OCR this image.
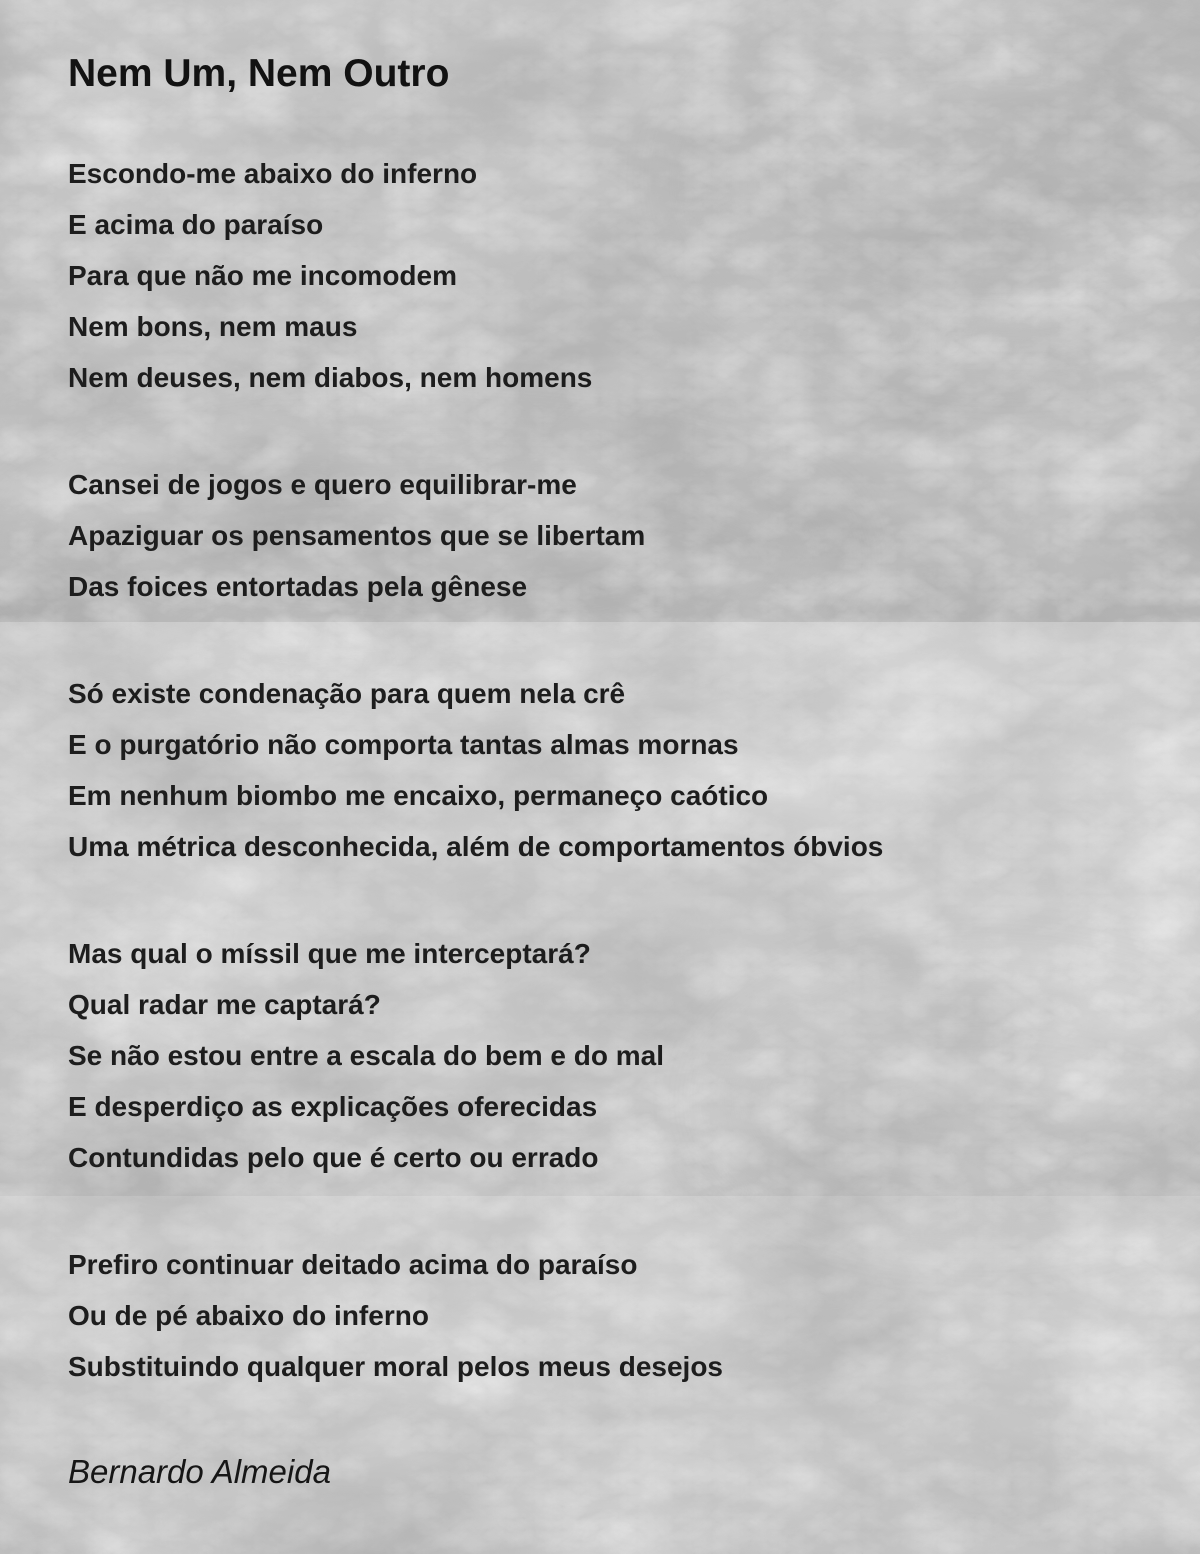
Nem Um, Nem Outro
Escondo-me abaixo do inferno
E acima do paraíso
Para que não me incomodem
Nem bons, nem maus
Nem deuses, nem diabos, nem homens
Cansei de jogos e quero equilibrar-me
Apaziguar os pensamentos que se libertam
Das foices entortadas pela gênese
Só existe condenação para quem nela crê
E o purgatório não comporta tantas almas mornas
Em nenhum biombo me encaixo, permaneço caótico
Uma métrica desconhecida, além de comportamentos óbvios
Mas qual o míssil que me interceptará?
Qual radar me captará?
Se não estou entre a escala do bem e do mal
E desperdiço as explicações oferecidas
Contundidas pelo que é certo ou errado
Prefiro continuar deitado acima do paraíso
Ou de pé abaixo do inferno
Substituindo qualquer moral pelos meus desejos
Bernardo Almeida
